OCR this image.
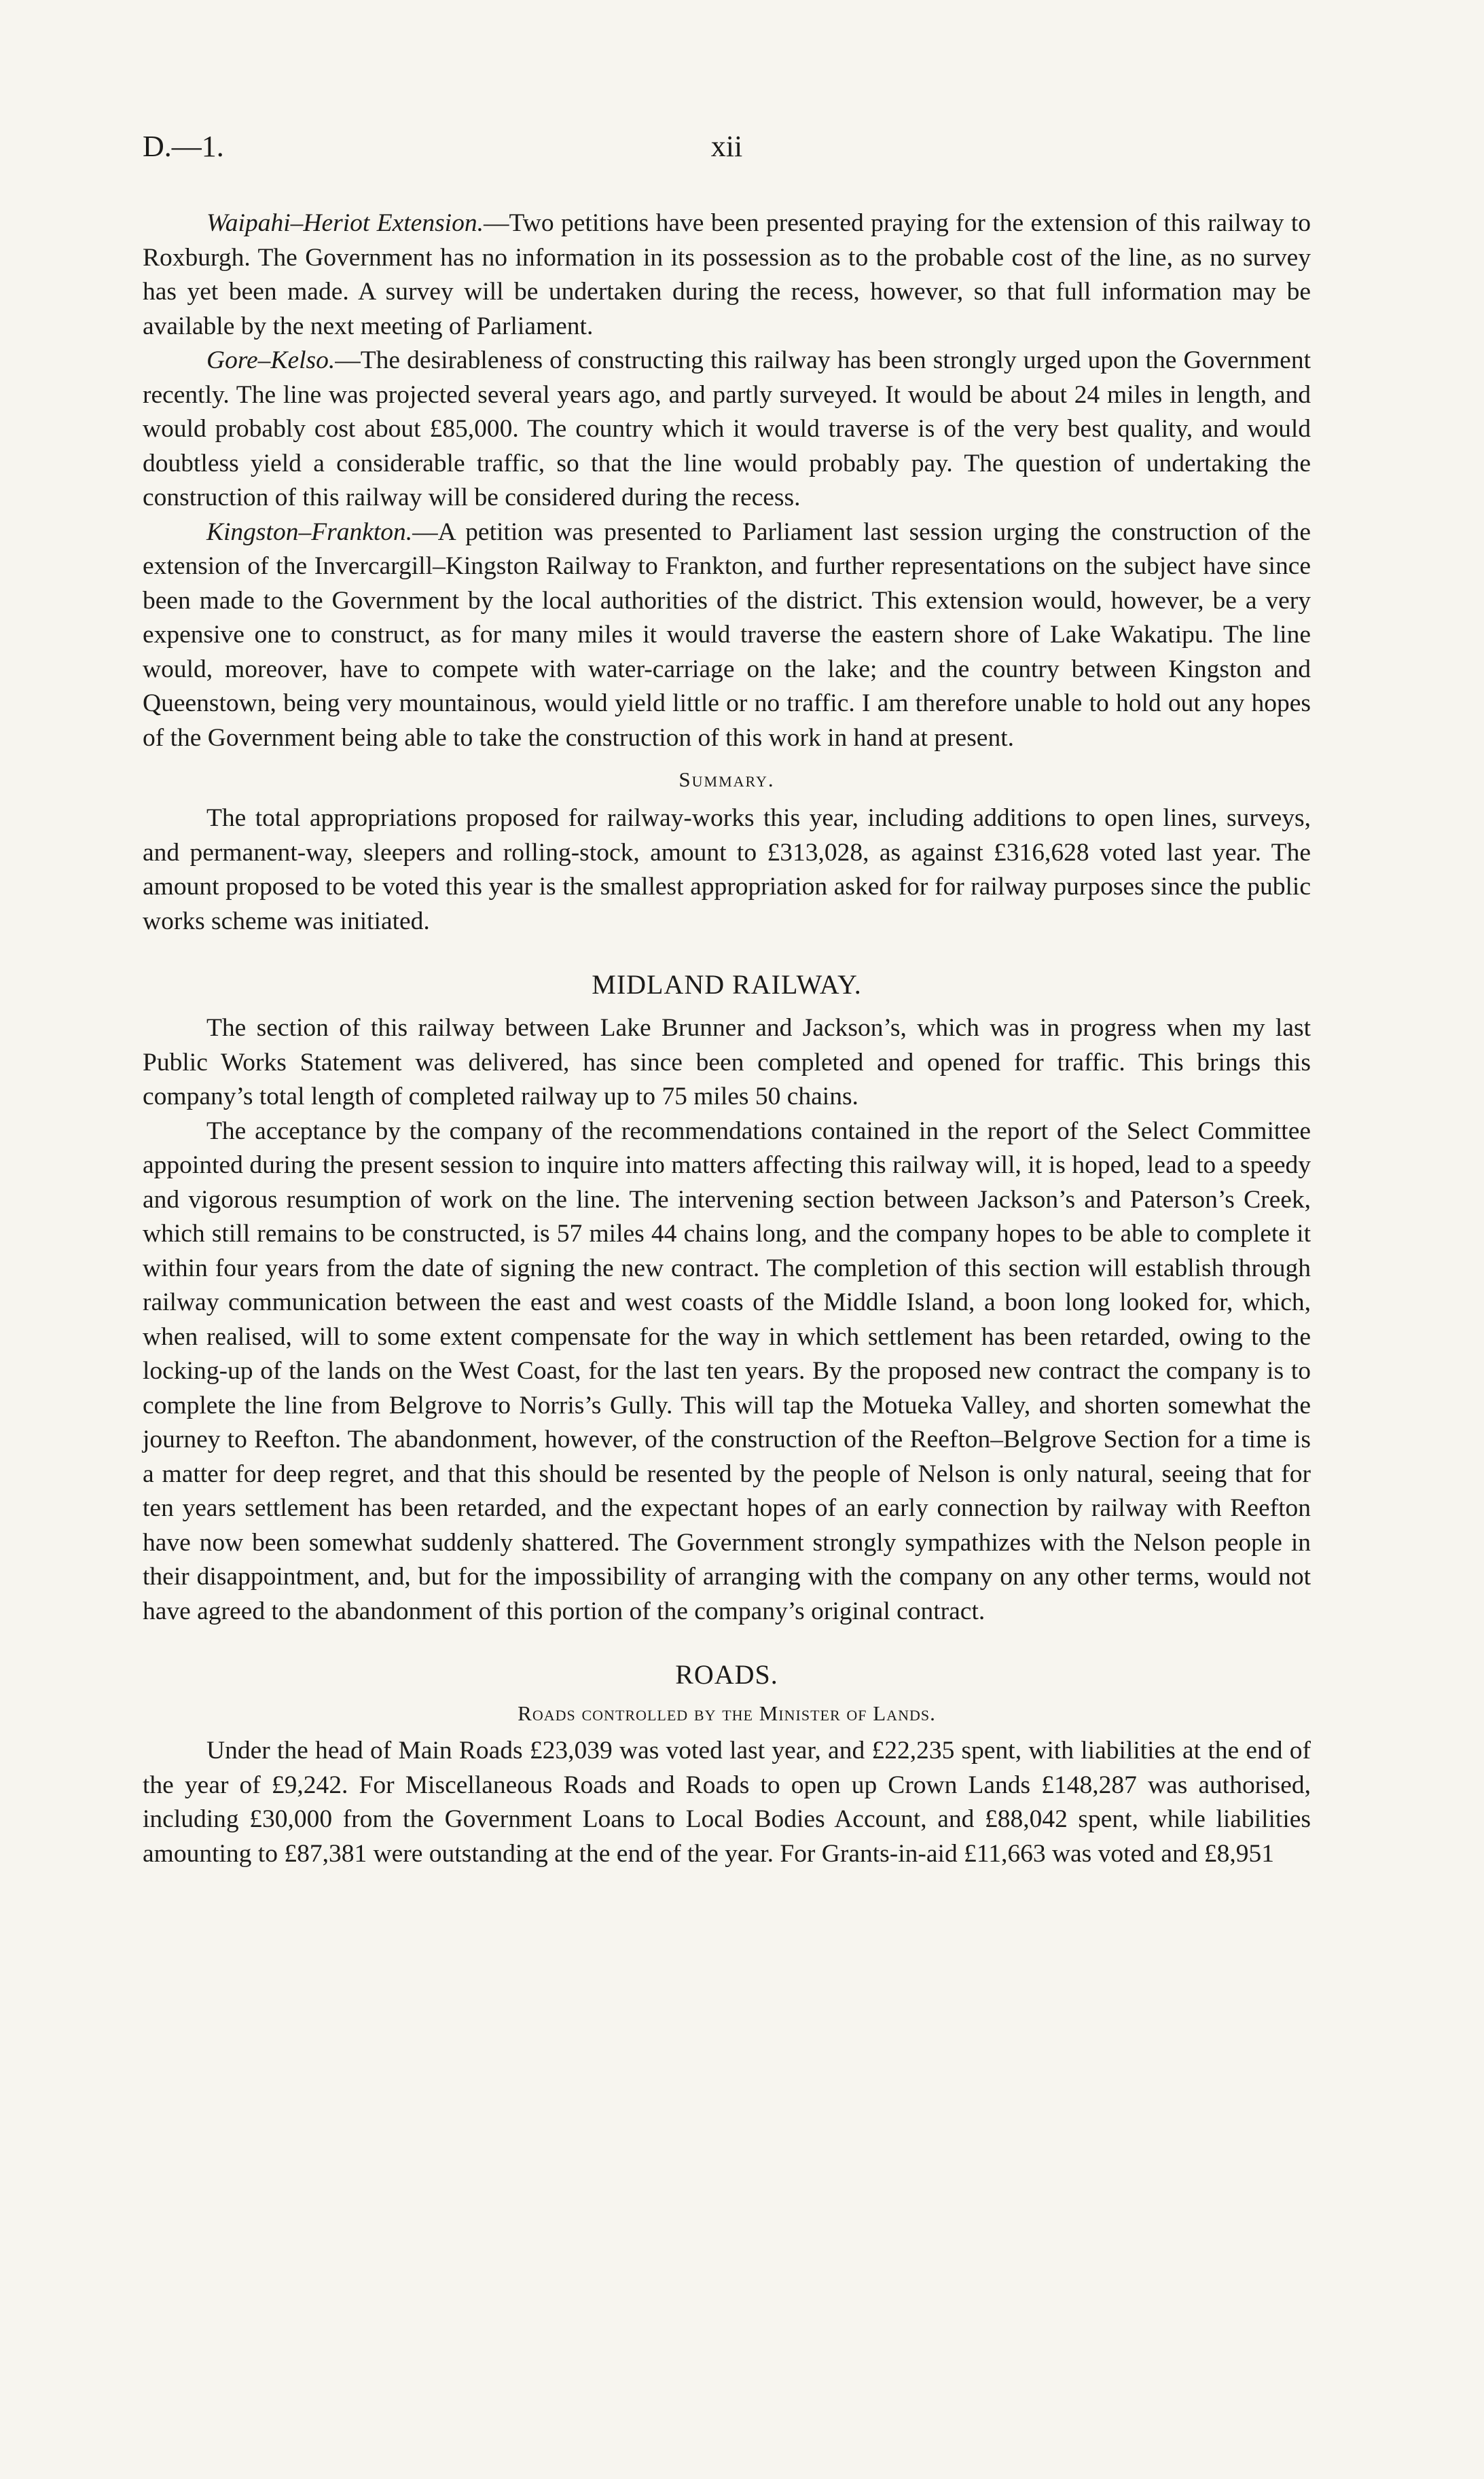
D.—1.	xii

Waipahi–Heriot Extension.—Two petitions have been presented praying for the extension of this railway to Roxburgh. The Government has no information in its possession as to the probable cost of the line, as no survey has yet been made. A survey will be undertaken during the recess, however, so that full information may be available by the next meeting of Parliament.

Gore–Kelso.—The desirableness of constructing this railway has been strongly urged upon the Government recently. The line was projected several years ago, and partly surveyed. It would be about 24 miles in length, and would probably cost about £85,000. The country which it would traverse is of the very best quality, and would doubtless yield a considerable traffic, so that the line would probably pay. The question of undertaking the construction of this railway will be considered during the recess.

Kingston–Frankton.—A petition was presented to Parliament last session urging the construction of the extension of the Invercargill–Kingston Railway to Frankton, and further representations on the subject have since been made to the Government by the local authorities of the district. This extension would, however, be a very expensive one to construct, as for many miles it would traverse the eastern shore of Lake Wakatipu. The line would, moreover, have to compete with water-carriage on the lake; and the country between Kingston and Queenstown, being very mountainous, would yield little or no traffic. I am therefore unable to hold out any hopes of the Government being able to take the construction of this work in hand at present.

Summary.

The total appropriations proposed for railway-works this year, including additions to open lines, surveys, and permanent-way, sleepers and rolling-stock, amount to £313,028, as against £316,628 voted last year. The amount proposed to be voted this year is the smallest appropriation asked for for railway purposes since the public works scheme was initiated.

MIDLAND RAILWAY.

The section of this railway between Lake Brunner and Jackson’s, which was in progress when my last Public Works Statement was delivered, has since been completed and opened for traffic. This brings this company’s total length of completed railway up to 75 miles 50 chains.

The acceptance by the company of the recommendations contained in the report of the Select Committee appointed during the present session to inquire into matters affecting this railway will, it is hoped, lead to a speedy and vigorous resumption of work on the line. The intervening section between Jackson’s and Paterson’s Creek, which still remains to be constructed, is 57 miles 44 chains long, and the company hopes to be able to complete it within four years from the date of signing the new contract. The completion of this section will establish through railway communication between the east and west coasts of the Middle Island, a boon long looked for, which, when realised, will to some extent compensate for the way in which settlement has been retarded, owing to the locking-up of the lands on the West Coast, for the last ten years. By the proposed new contract the company is to complete the line from Belgrove to Norris’s Gully. This will tap the Motueka Valley, and shorten somewhat the journey to Reefton. The abandonment, however, of the construction of the Reefton–Belgrove Section for a time is a matter for deep regret, and that this should be resented by the people of Nelson is only natural, seeing that for ten years settlement has been retarded, and the expectant hopes of an early connection by railway with Reefton have now been somewhat suddenly shattered. The Government strongly sympathizes with the Nelson people in their disappointment, and, but for the impossibility of arranging with the company on any other terms, would not have agreed to the abandonment of this portion of the company’s original contract.

ROADS.
Roads controlled by the Minister of Lands.

Under the head of Main Roads £23,039 was voted last year, and £22,235 spent, with liabilities at the end of the year of £9,242. For Miscellaneous Roads and Roads to open up Crown Lands £148,287 was authorised, including £30,000 from the Government Loans to Local Bodies Account, and £88,042 spent, while liabilities amounting to £87,381 were outstanding at the end of the year. For Grants-in-aid £11,663 was voted and £8,951
